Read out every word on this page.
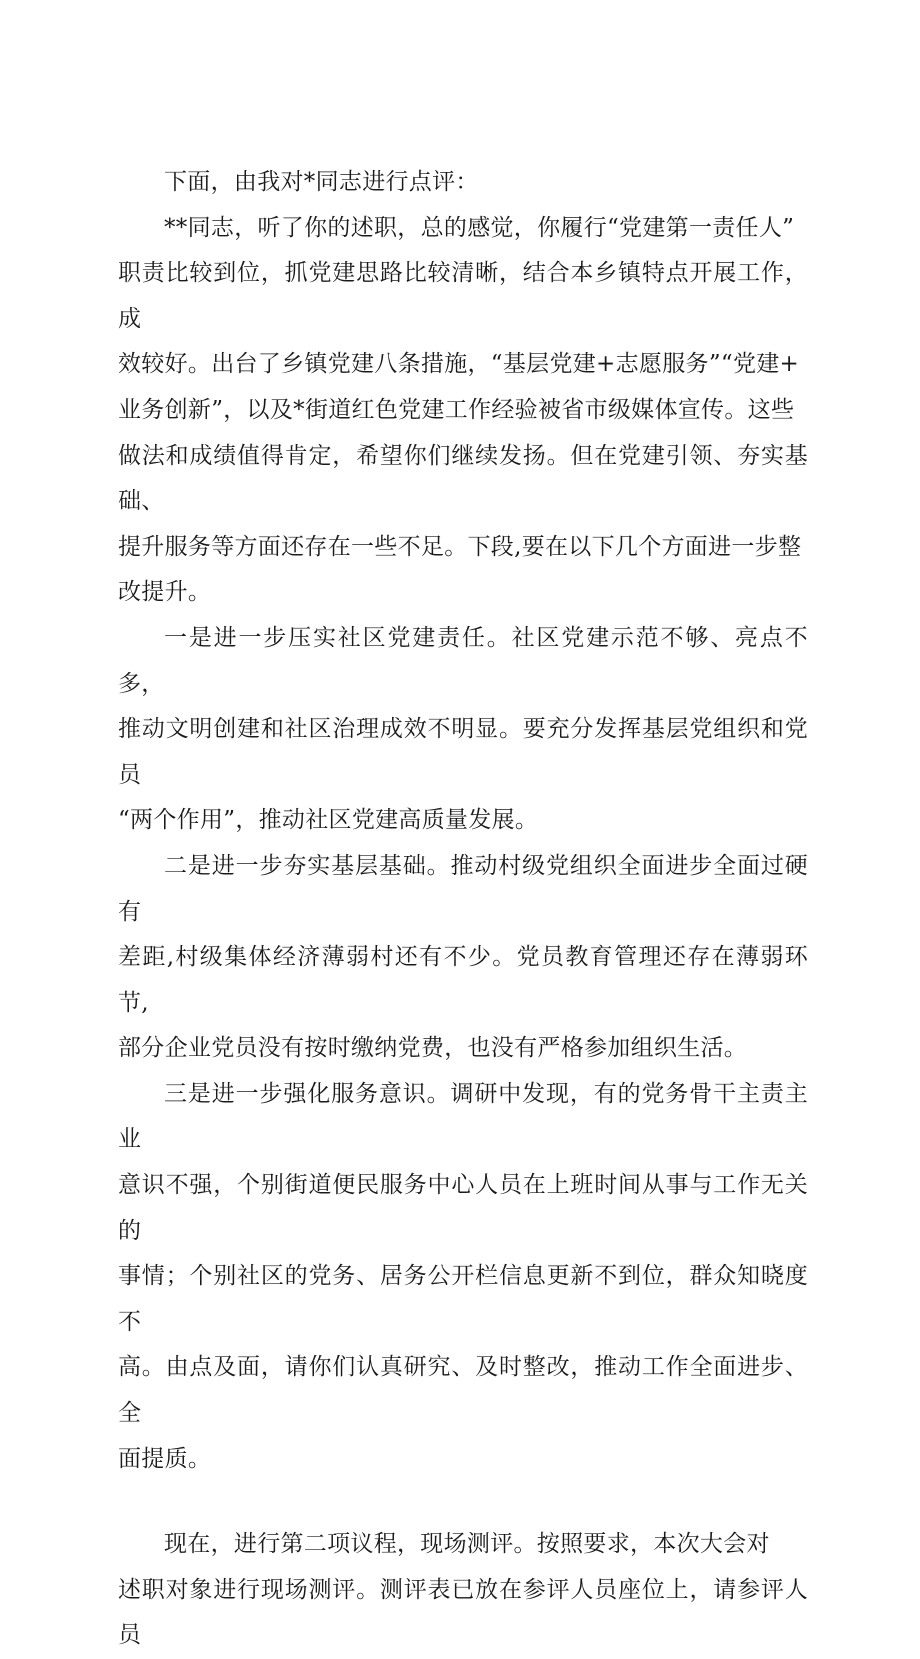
下面，由我对*同志进行点评：

**同志，听了你的述职，总的感觉，你履行“党建第一责任人”
职责比较到位，抓党建思路比较清晰，结合本乡镇特点开展工作，成
效较好。出台了乡镇党建八条措施，“基层党建+志愿服务”“党建+
业务创新”，以及*街道红色党建工作经验被省市级媒体宣传。这些
做法和成绩值得肯定，希望你们继续发扬。但在党建引领、夯实基础、
提升服务等方面还存在一些不足。下段,要在以下几个方面进一步整
改提升。

一是进一步压实社区党建责任。社区党建示范不够、亮点不多，
推动文明创建和社区治理成效不明显。要充分发挥基层党组织和党员
“两个作用”，推动社区党建高质量发展。

二是进一步夯实基层基础。推动村级党组织全面进步全面过硬有
差距,村级集体经济薄弱村还有不少。党员教育管理还存在薄弱环节,
部分企业党员没有按时缴纳党费，也没有严格参加组织生活。

三是进一步强化服务意识。调研中发现，有的党务骨干主责主业
意识不强，个别街道便民服务中心人员在上班时间从事与工作无关的
事情；个别社区的党务、居务公开栏信息更新不到位，群众知晓度不
高。由点及面，请你们认真研究、及时整改，推动工作全面进步、全
面提质。

现在，进行第二项议程，现场测评。按照要求，本次大会对
述职对象进行现场测评。测评表已放在参评人员座位上，请参评人员
